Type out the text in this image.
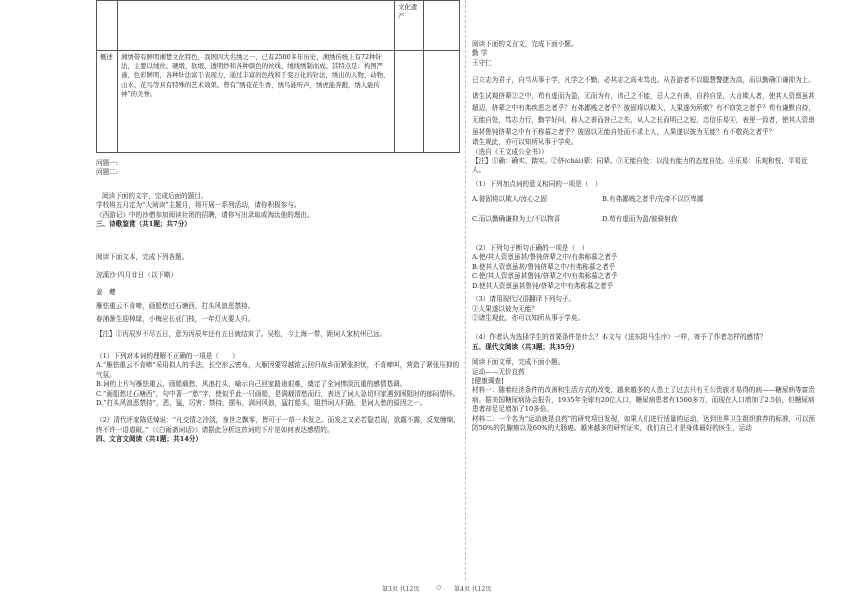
		文化遗产	
概述	湘绣带有鲜明湘楚文化特色，我国四大名绣之一，已有2500多年历史，湘绣传统上有72种针法，主要以绒丝、硬缎、软缎、透明纱和各种颜色的丝线、绒线绣制而成。其特点是：构图严谨，色彩鲜明，各种针法富于表现力，通过丰富的色线和千变万化的针法，绣出的人物、动物、山水、花鸟等具有特殊的艺术效果。曾有“绣花花生香，绣鸟能听声，绣虎能奔跑，绣人能传神”的美誉。		

问题一:

问题二:

阅读下面的文字，完成后面的题目。

学校将五月定为“大阅读”主题月，将开展一系列活动，请你积极参与。

《西游记》中的沙僧参加阅读社团的招聘，请你写出录取或淘汰他的理由。

三、诗歌鉴赏（共1题；共7分）

阅读下面文本，完成下列各题。

浣溪沙·四月廿日（以下略）

姜　夔

雁怯重云不肯啼，画船愁过石塘西，打头风浪恶禁持。

春浦渐生迎棹绿，小梅应长亚门枝，一年灯火要人归。

【注】①丙辰岁不尽五日，意为丙辰年还有五日就结束了。吴松，今上海一带，距词人家杭州已远。

（1）下列对本词的理解不正确的一项是（　　）

A.“雁怯重云不肯啼”采用拟人的手法，长空形云密布，大雁因要穿越浓云回归故乡而紧张担忧，不肯啼叫，营造了紧张压抑的气氛。

B.词的上片写雁怯重云，画船载愁，风浪打头，喻示自己回家路途艰难，奠定了全词惨淡沉重的感情基调。

C.“画船愁过石塘西”，句中著一“愁”字，使似乎此一只画船，是满载清愁而行，表达了词人急切归家遇到困阻时的郁闷情怀。

D.“打头风浪恶禁持”，恶，猛，厉害；禁持，摆布，满河风浪，猛打船头，阻挡词人归路，是词人愁的原因之一。

（2）清代评家陈廷焯说：“凡交情之冷淡，身世之飘零，皆可于一草一木发之。而发之又必若隐若现，欲露不露，反复缠绵，终不许一语道破。”（《白雨斋词话》）请据此分析这首词的下片是如何表达感情的。

四、文言文阅读（共1题；共14分）

阅读下面的文言文，完成下面小题。

勤 学

王守仁

已立志为君子，自当从事于学，凡学之不勤，必其志之尚未笃也。从吾游者不以聪慧警捷为高，而以勤确①谦抑为上。

诸生试观侪辈②之中，苟有虚而为盈，无而为有，讳己之不能，忌人之有善，自矜自是，大言欺人者，使其人资禀虽甚超迈，侪辈之中有弗疾恶之者乎？有弗鄙贱之者乎？彼固将以欺人，人果遂为所欺？有不窃笑之者乎？苟有谦默自持，无能自处，笃志力行，勤学好问，称人之善而咎己之失，从人之长而明己之短，忠信乐易④，表里一致者，使其人资禀虽甚鲁钝侪辈之中有不称慕之者乎？彼固以无能自处而不求上人，人果遂以彼为无能？有不敬尚之者乎？

诸生观此，亦可以知所从事于学矣。

（选自《王文成公全书》）

【注】①确：确实、踏实。②侪(chái)辈：同辈。③无能自处：以没有能力的态度自处。④乐易：乐观和悦、平易近人。

（1）下列加点词的意义相同的一项是（　）

A.彼固将以欺人/汝心之固	B.有弗鄙贱之者乎/先帝不以臣卑鄙

C.而以勤确谦抑为上/不以物喜	D.苟有虚而为盈/彼骑射我

（2）下列句子断句正确的一项是（　）

A.使/其人资禀虽甚/鲁钝侪辈之中/有弗称慕之者乎

B.使其人资禀虽甚/鲁钝侪辈之中/有弗称慕之者乎

C.使/其人资禀虽甚鲁钝/侪辈之中/有弗称慕之者乎

D.使其人资禀虽甚鲁钝/侪辈之中有弗称慕之者乎

（3）请用现代汉语翻译下列句子。

①人果遂以彼为无能？

②诸生观此，亦可以知所从事于学矣。

（4）作者认为选择学生的首要条件是什么？本文与《送东阳马生序》一样，寄予了作者怎样的感情？

五、现代文阅读（共3题；共35分）

阅读下面文章，完成下面小题。

运动——无价良药

[健康调查]

材料一：随着经济条件的改善和生活方式的改变，越来越多的人患上了过去只有王公贵族才易得的病——糖尿病等富贵病。据美国糖尿病协会报告，1935年全球有20亿人口，糖尿病患者有1500多万，而现在人口增加了2.5倍，但糖尿病患者却足足增加了10多倍。

材料二：一个名为“运动就是良药”的研究项目发现，如果人们进行适量的运动，达到世界卫生组织推荐的标准，可以预防50%的乳腺癌以及60%的大肠癌。越来越多的研究证实，我们自己才是身体最好的医生，运动

第3页 共12页	○ 第4页 共12页
